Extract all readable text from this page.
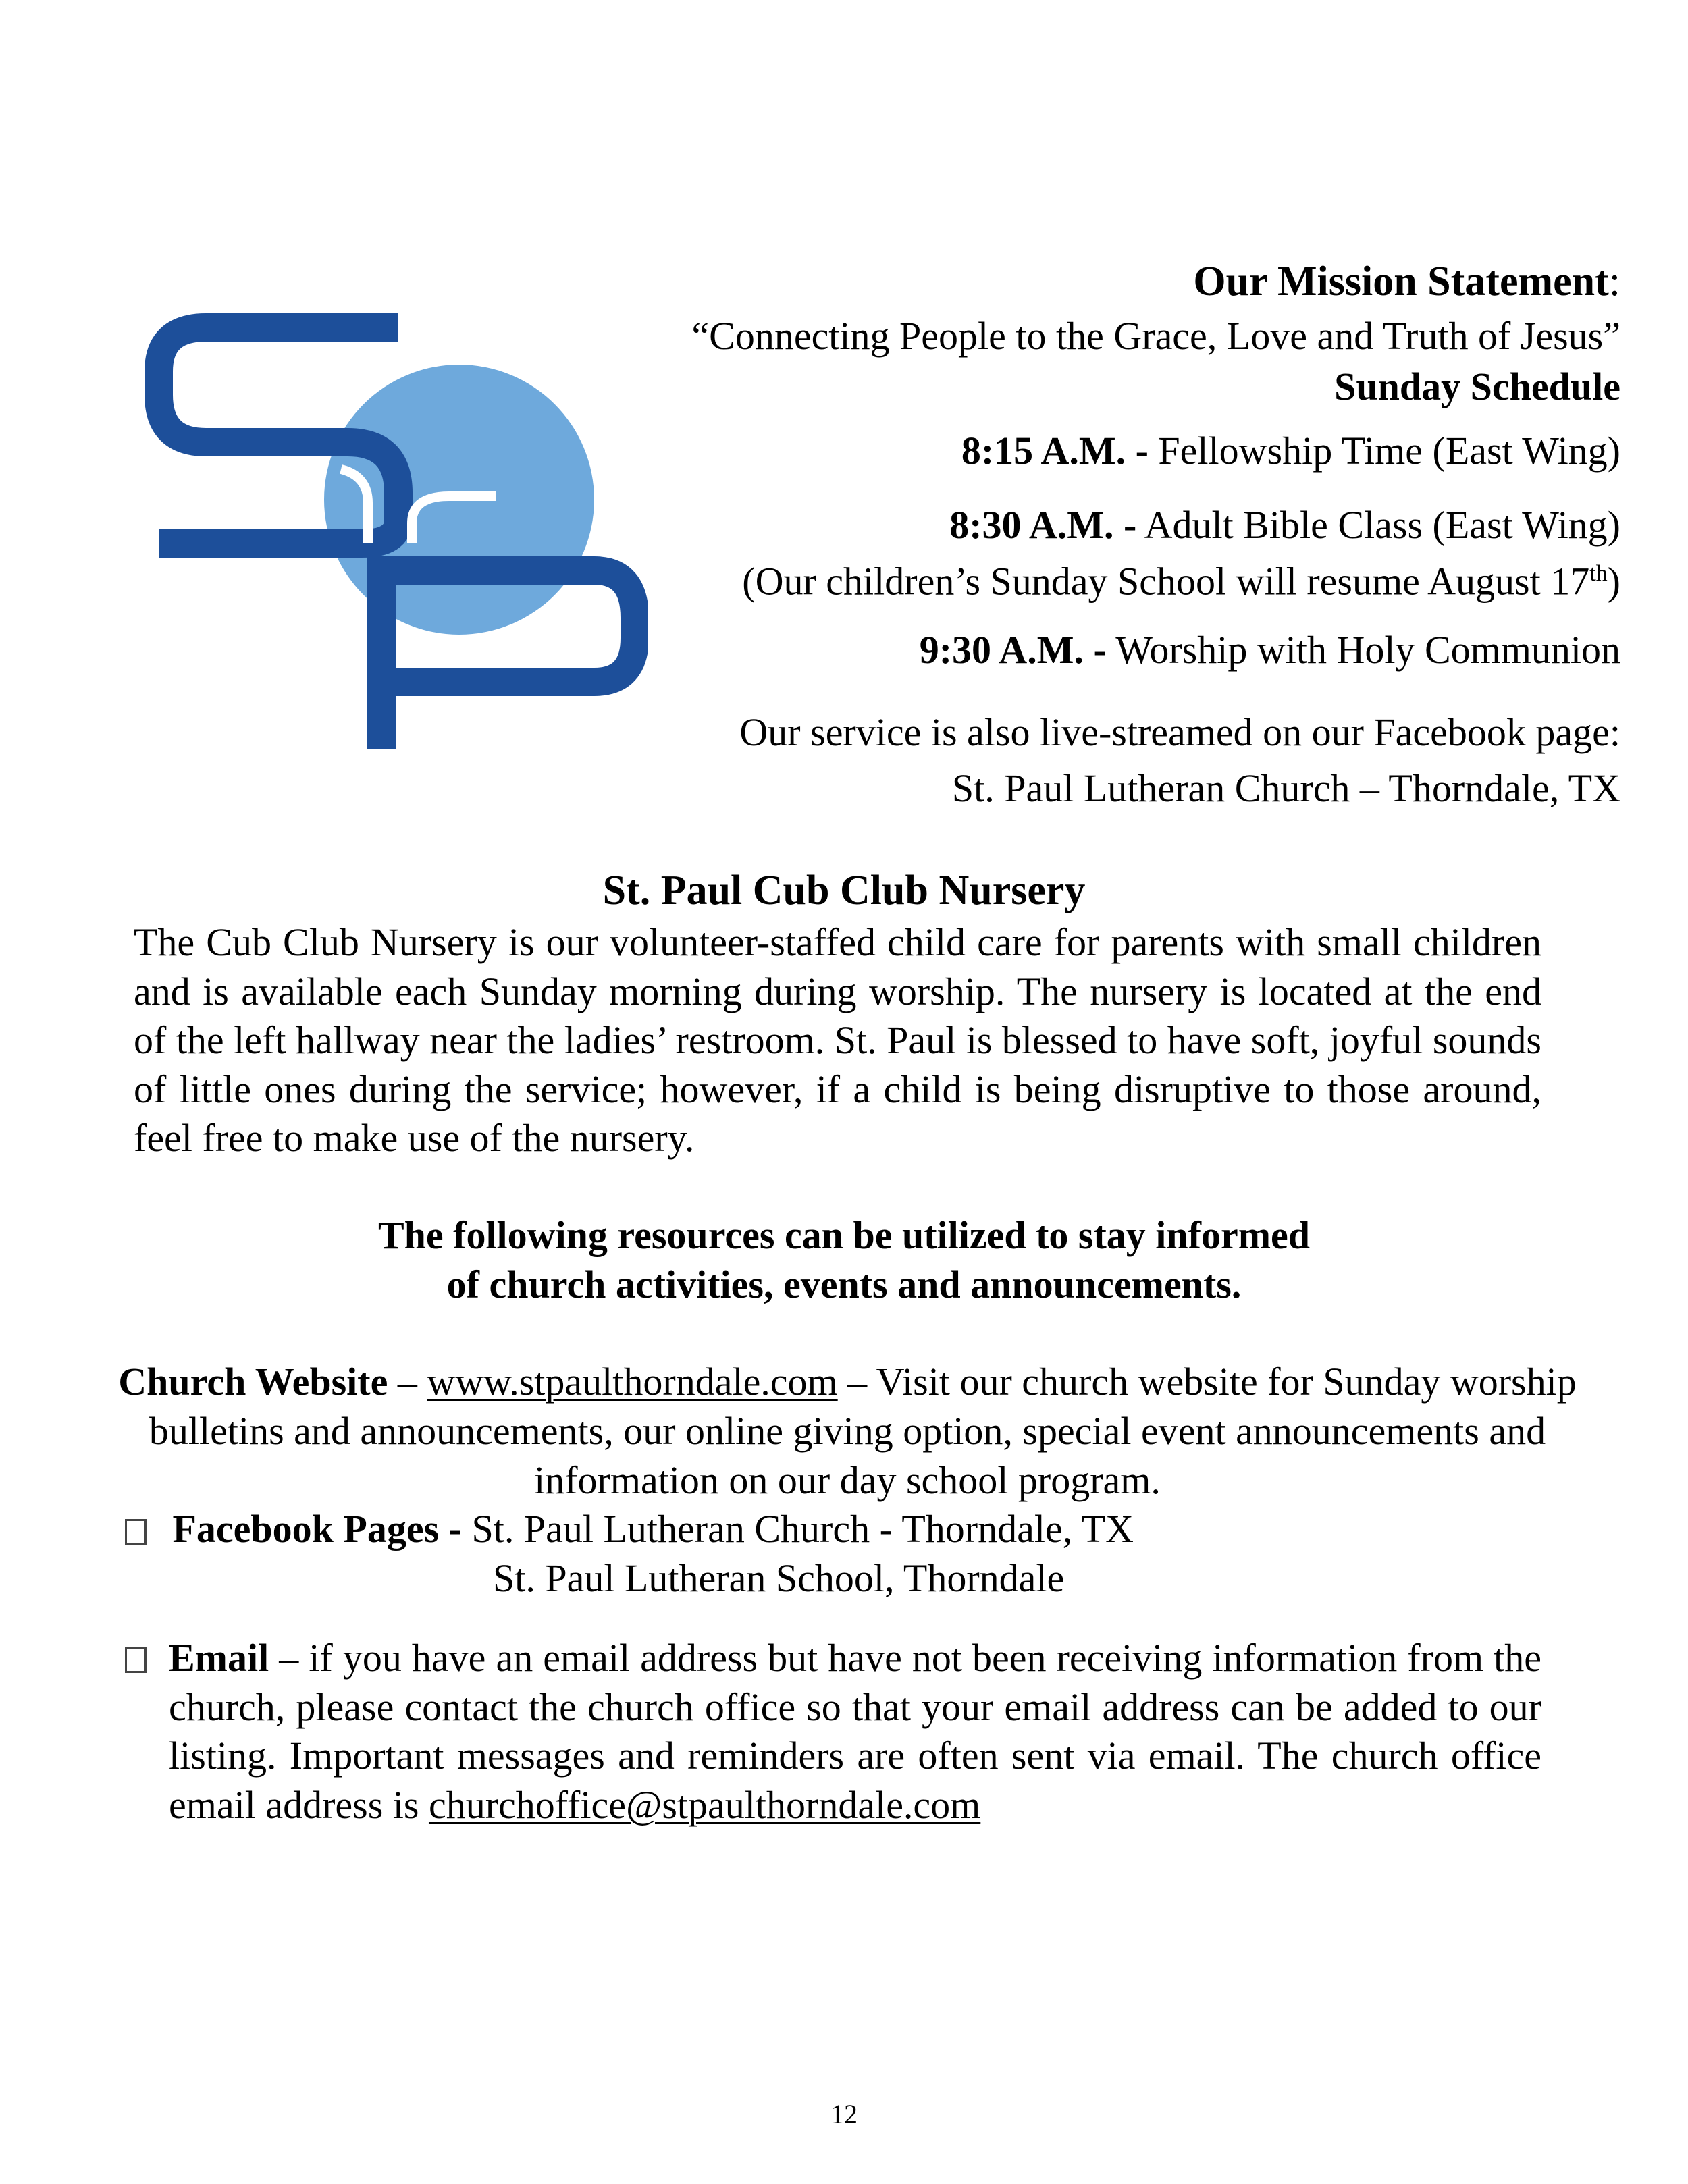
Our Mission Statement:
“Connecting People to the Grace, Love and Truth of Jesus”
Sunday Schedule
8:15 A.M. - Fellowship Time (East Wing)
8:30 A.M. - Adult Bible Class (East Wing)
(Our children’s Sunday School will resume August 17th)
9:30 A.M. - Worship with Holy Communion
Our service is also live-streamed on our Facebook page:
St. Paul Lutheran Church – Thorndale, TX
St. Paul Cub Club Nursery
The Cub Club Nursery is our volunteer-staffed child care for parents with small children and is available each Sunday morning during worship. The nursery is located at the end of the left hallway near the ladies’ restroom. St. Paul is blessed to have soft, joyful sounds of little ones during the service; however, if a child is being disruptive to those around, feel free to make use of the nursery.
The following resources can be utilized to stay informed
of church activities, events and announcements.
Church Website – www.stpaulthorndale.com – Visit our church website for Sunday worship bulletins and announcements, our online giving option, special event announcements and information on our day school program.
Facebook Pages - St. Paul Lutheran Church - Thorndale, TX
St. Paul Lutheran School, Thorndale
Email – if you have an email address but have not been receiving information from the church, please contact the church office so that your email address can be added to our listing. Important messages and reminders are often sent via email. The church office email address is churchoffice@stpaulthorndale.com
12
